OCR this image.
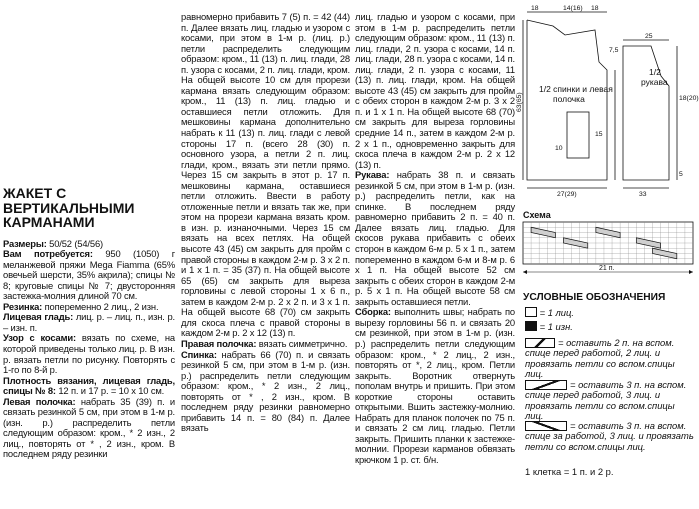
ЖАКЕТ С ВЕРТИКАЛЬНЫМИ КАРМАНАМИ

Размеры: 50/52 (54/56)

Вам потребуется: 950 (1050) г меланжевой пряжи Mega Fiamma (65% овечьей шерсти, 35% акрила); спицы № 8; круговые спицы № 7; двусторонняя застежка-молния длиной 70 см.

Резинка: попеременно 2 лиц., 2 изн.

Лицевая гладь: лиц. р. – лиц. п., изн. р. – изн. п.

Узор с косами: вязать по схеме, на которой приведены только лиц. р. В изн. р. вязать петли по рисунку. Повторять с 1-го по 8-й р.

Плотность вязания, лицевая гладь, спицы № 8: 12 п. и 17 р. = 10 х 10 см.

Левая полочка: набрать 35 (39) п. и связать резинкой 5 см, при этом в 1-м р. (изн. р.) распределить петли следующим образом: кром., * 2 изн., 2 лиц., повторять от * , 2 изн., кром. В последнем ряду резинки

равномерно прибавить 7 (5) п. = 42 (44) п. Далее вязать лиц. гладью и узором с косами, при этом в 1-м р. (лиц. р.) петли распределить следующим образом: кром., 11 (13) п. лиц. глади, 28 п. узора с косами, 2 п. лиц. глади, кром. На общей высоте 10 см для прорези кармана вязать следующим образом: кром., 11 (13) п. лиц. гладью и оставшиеся петли отложить. Для мешковины кармана дополнительно набрать к 11 (13) п. лиц. глади с левой стороны 17 п. (всего 28 (30) п. основного узора, а петли 2 п. лиц. глади, кром., вязать эти петли прямо. Через 15 см закрыть в этот р. 17 п. мешковины кармана, оставшиеся петли отложить. Ввести в работу отложенные петли и вязать так же, при этом на прорези кармана вязать кром. в изн. р. изнаночными. Через 15 см вязать на всех петлях. На общей высоте 43 (45) см закрыть для пройм с правой стороны в каждом 2-м р. 3 х 2 п. и 1 х 1 п. = 35 (37) п. На общей высоте 65 (65) см закрыть для выреза горловины с левой стороны 1 х 6 п., затем в каждом 2-м р. 2 х 2 п. и 3 х 1 п. На общей высоте 68 (70) см закрыть для скоса плеча с правой стороны в каждом 2-м р. 2 х 12 (13) п.

Правая полочка: вязать симметрично.

Спинка: набрать 66 (70) п. и связать резинкой 5 см, при этом в 1-м р. (изн. р.) распределить петли следующим образом: кром., * 2 изн., 2 лиц., повторять от * , 2 изн., кром. В последнем ряду резинки равномерно прибавить 14 п. = 80 (84) п. Далее вязать

лиц. гладью и узором с косами, при этом в 1-м р. распределить петли следующим образом: кром., 11 (13) п. лиц. глади, 2 п. узора с косами, 14 п. лиц. глади, 28 п. узора с косами, 14 п. лиц. глади, 2 п. узора с косами, 11 (13) п. лиц. глади, кром. На общей высоте 43 (45) см закрыть для пройм с обеих сторон в каждом 2-м р. 3 х 2 п. и 1 х 1 п. На общей высоте 68 (70) см закрыть для выреза горловины средние 14 п., затем в каждом 2-м р. 2 х 1 п., одновременно закрыть для скоса плеча в каждом 2-м р. 2 х 12 (13) п.

Рукава: набрать 38 п. и связать резинкой 5 см, при этом в 1-м р. (изн. р.) распределить петли, как на спинке. В последнем ряду равномерно прибавить 2 п. = 40 п. Далее вязать лиц. гладью. Для скосов рукава прибавить с обеих сторон в каждом 6-м р. 5 х 1 п., затем попеременно в каждом 6-м и 8-м р. 6 х 1 п. На общей высоте 52 см закрыть с обеих сторон в каждом 2-м р. 5 х 1 п. На общей высоте 58 см закрыть оставшиеся петли.

Сборка: выполнить швы; набрать по вырезу горловины 56 п. и связать 20 см резинкой, при этом в 1-м р. (изн. р.) распределить петли следующим образом: кром., * 2 лиц., 2 изн., повторять от *, 2 лиц., кром. Петли закрыть. Воротник отвернуть пополам внутрь и пришить. При этом короткие стороны оставить открытыми. Вшить застежку-молнию. Набрать для планок полочек по 75 п. и связать 2 см лиц. гладью. Петли закрыть. Пришить планки к застежке-молнии. Прорези карманов обвязать крючком 1 р. ст. б/н.

18	14(16) 18
63(65)
7,5
15
10
27(29)
1/2 спинки и левая
полочка
25
18(20)
1/2
рукава
33
5
Схема
21 п.
УСЛОВНЫЕ ОБОЗНАЧЕНИЯ
= 1 лиц.
= 1 изн.
= оставить 2 п. на вспом. спице перед работой, 2 лиц. и провязать петли со вспом.спицы лиц.
= оставить 3 п. на вспом. спице перед работой, 3 лиц. и провязать петли со вспом.спицы лиц.
= оставить 3 п. на вспом. спице за работой, 3 лиц. и провязать петли со вспом.спицы лиц.
1 клетка = 1 п. и 2 р.
